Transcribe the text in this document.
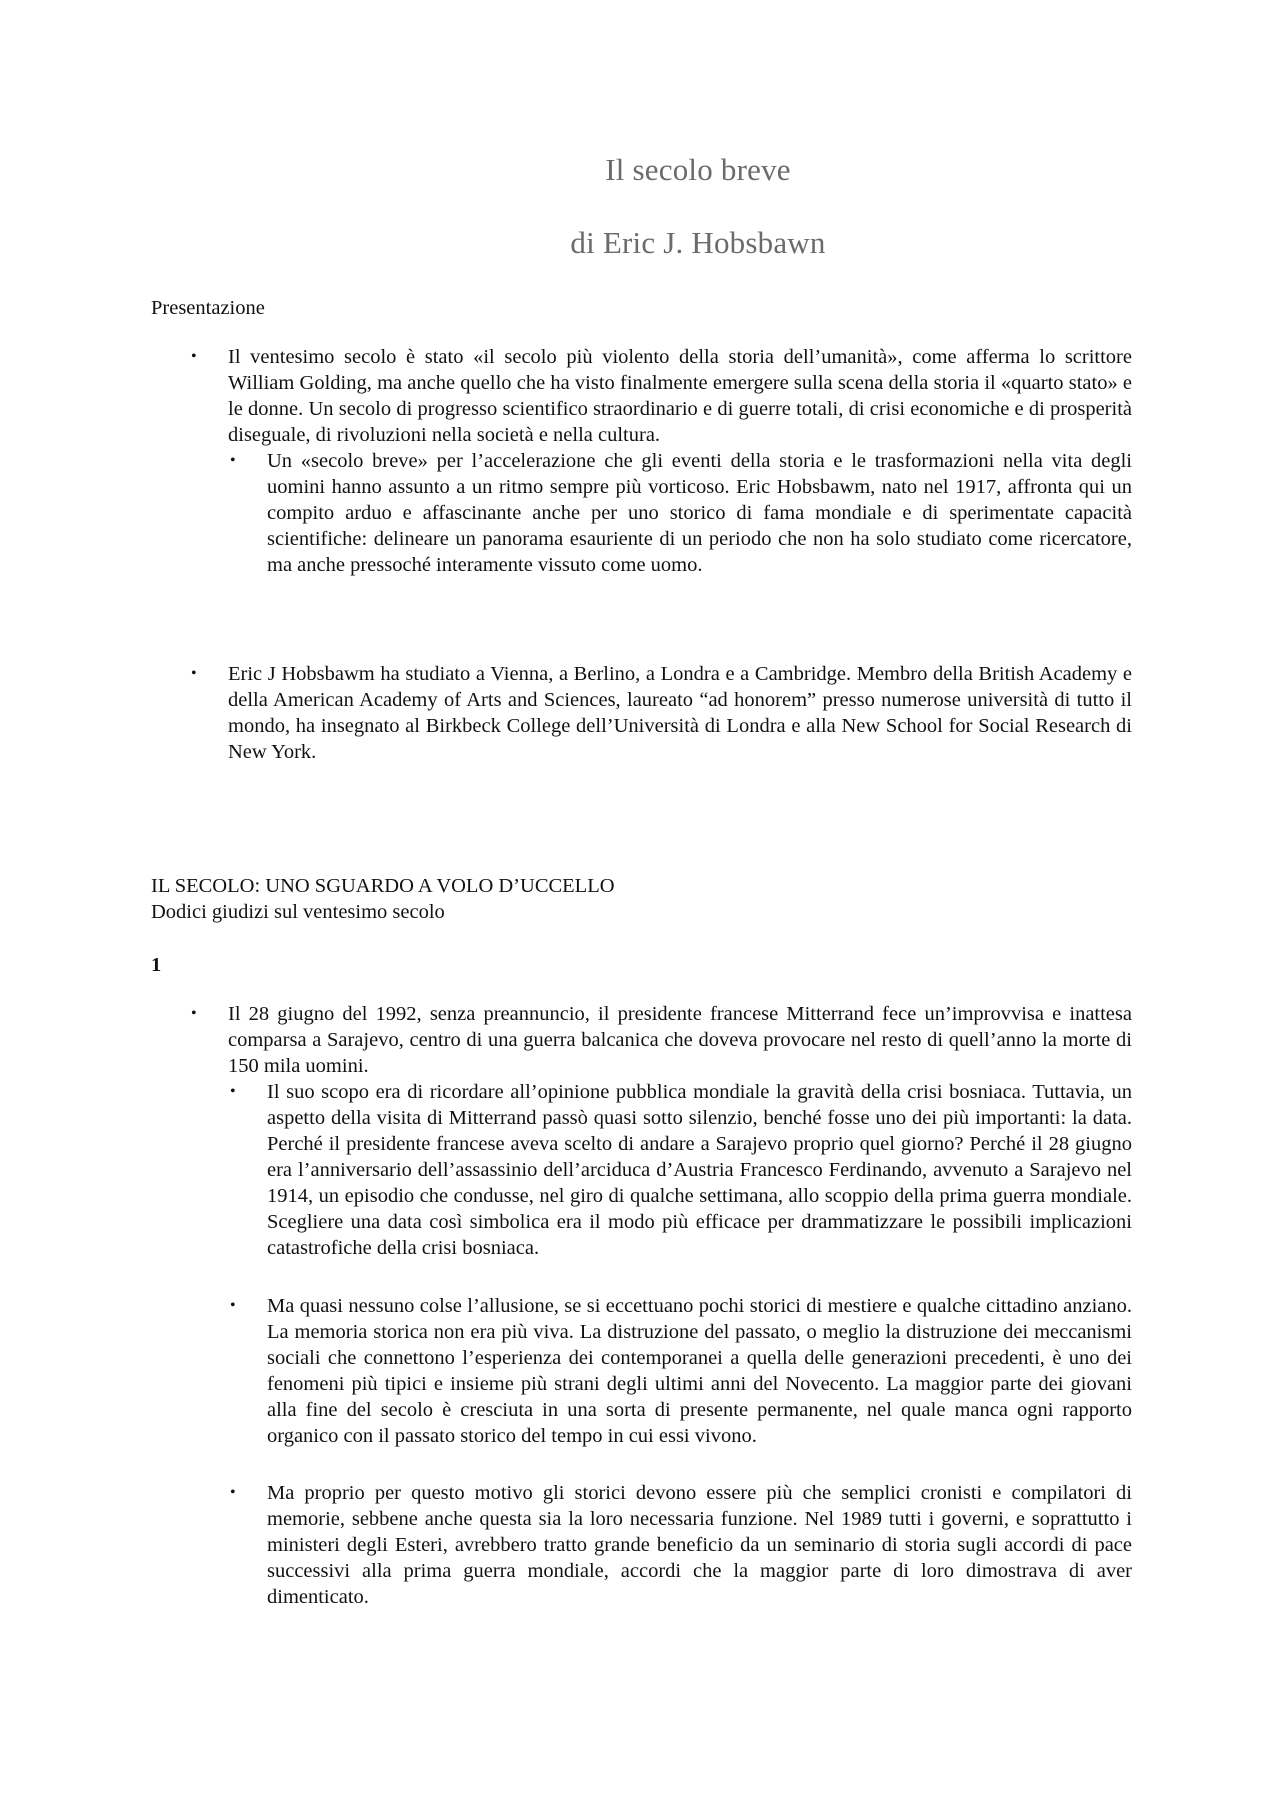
Il secolo breve
di Eric J. Hobsbawn
Presentazione
• Il ventesimo secolo è stato «il secolo più violento della storia dell’umanità», come afferma lo scrittore William Golding, ma anche quello che ha visto finalmente emergere sulla scena della storia il «quarto stato» e le donne. Un secolo di progresso scientifico straordinario e di guerre totali, di crisi economiche e di prosperità diseguale, di rivoluzioni nella società e nella cultura.

• Un «secolo breve» per l’accelerazione che gli eventi della storia e le trasformazioni nella vita degli uomini hanno assunto a un ritmo sempre più vorticoso. Eric Hobsbawm, nato nel 1917, affronta qui un compito arduo e affascinante anche per uno storico di fama mondiale e di sperimentate capacità scientifiche: delineare un panorama esauriente di un periodo che non ha solo studiato come ricercatore, ma anche pressoché interamente vissuto come uomo.

• Eric J Hobsbawm ha studiato a Vienna, a Berlino, a Londra e a Cambridge. Membro della British Academy e della American Academy of Arts and Sciences, laureato “ad honorem” presso numerose università di tutto il mondo, ha insegnato al Birkbeck College dell’Università di Londra e alla New School for Social Research di New York.

IL SECOLO: UNO SGUARDO A VOLO D’UCCELLO
Dodici giudizi sul ventesimo secolo
1
• Il 28 giugno del 1992, senza preannuncio, il presidente francese Mitterrand fece un’improvvisa e inattesa comparsa a Sarajevo, centro di una guerra balcanica che doveva provocare nel resto di quell’anno la morte di 150 mila uomini.

• Il suo scopo era di ricordare all’opinione pubblica mondiale la gravità della crisi bosniaca. Tuttavia, un aspetto della visita di Mitterrand passò quasi sotto silenzio, benché fosse uno dei più importanti: la data. Perché il presidente francese aveva scelto di andare a Sarajevo proprio quel giorno? Perché il 28 giugno era l’anniversario dell’assassinio dell’arciduca d’Austria Francesco Ferdinando, avvenuto a Sarajevo nel 1914, un episodio che condusse, nel giro di qualche settimana, allo scoppio della prima guerra mondiale. Scegliere una data così simbolica era il modo più efficace per drammatizzare le possibili implicazioni catastrofiche della crisi bosniaca.

• Ma quasi nessuno colse l’allusione, se si eccettuano pochi storici di mestiere e qualche cittadino anziano. La memoria storica non era più viva. La distruzione del passato, o meglio la distruzione dei meccanismi sociali che connettono l’esperienza dei contemporanei a quella delle generazioni precedenti, è uno dei fenomeni più tipici e insieme più strani degli ultimi anni del Novecento. La maggior parte dei giovani alla fine del secolo è cresciuta in una sorta di presente permanente, nel quale manca ogni rapporto organico con il passato storico del tempo in cui essi vivono.

• Ma proprio per questo motivo gli storici devono essere più che semplici cronisti e compilatori di memorie, sebbene anche questa sia la loro necessaria funzione. Nel 1989 tutti i governi, e soprattutto i ministeri degli Esteri, avrebbero tratto grande beneficio da un seminario di storia sugli accordi di pace successivi alla prima guerra mondiale, accordi che la maggior parte di loro dimostrava di aver dimenticato.
